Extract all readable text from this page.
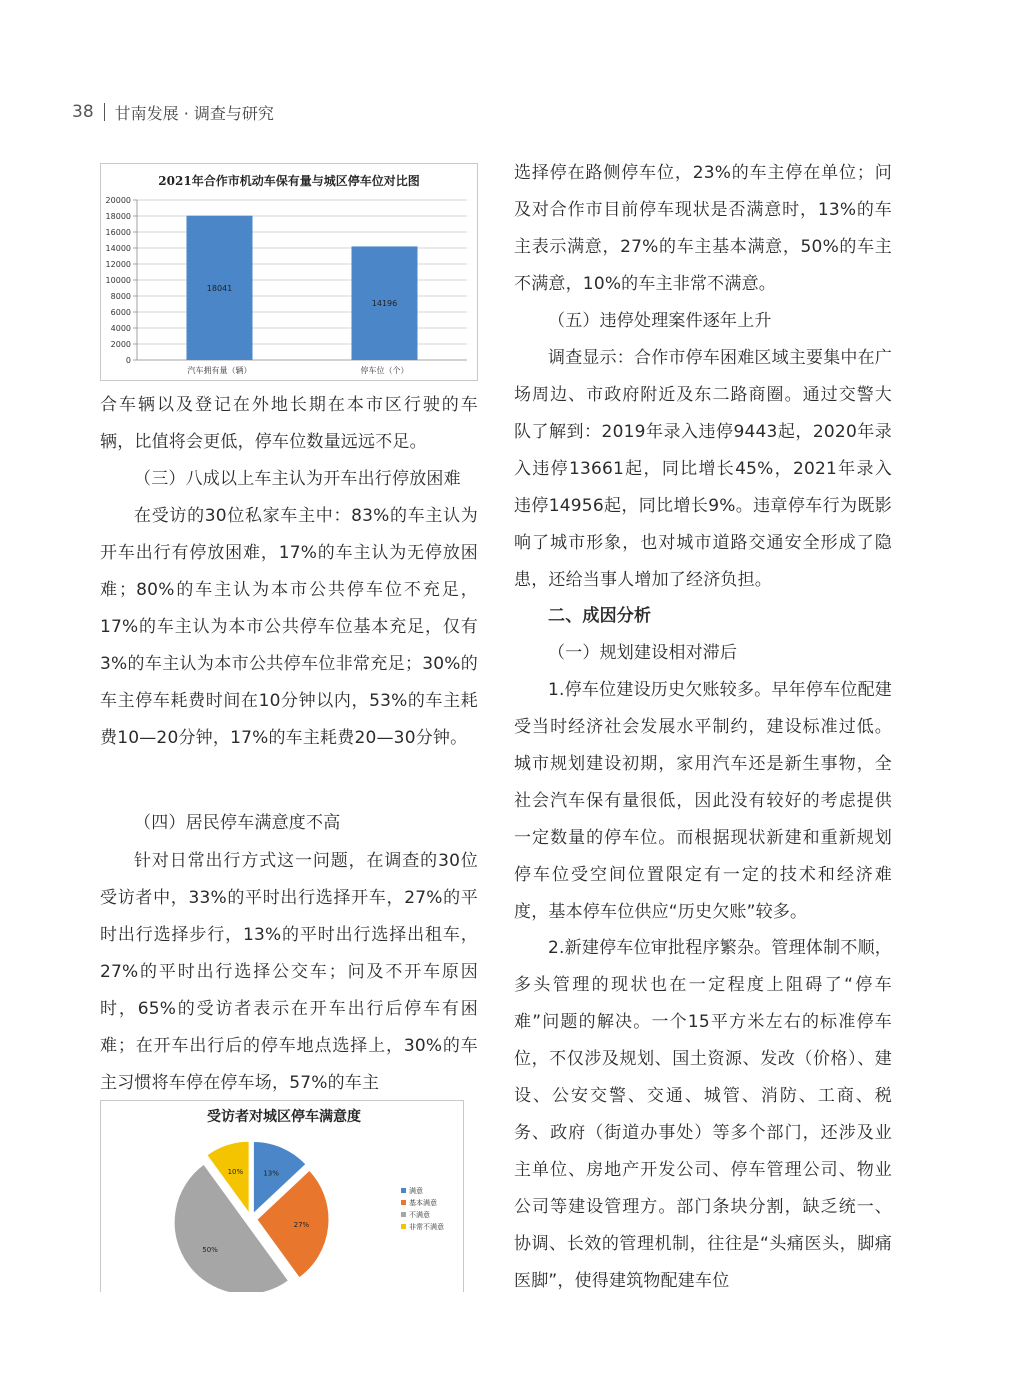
38 甘南发展 · 调查与研究
2021年合作市机动车保有量与城区停车位对比图
0
2000
4000
6000
8000
10000
12000
14000
16000
18000
20000
18041
14196
汽车拥有量（辆）	停车位（个）
合车辆以及登记在外地长期在本市区行驶的车辆，比值将会更低，停车位数量远远不足。
（三）八成以上车主认为开车出行停放困难
在受访的30位私家车主中：83%的车主认为开车出行有停放困难，17%的车主认为无停放困难；80%的车主认为本市公共停车位不充足，17%的车主认为本市公共停车位基本充足，仅有3%的车主认为本市公共停车位非常充足；30%的车主停车耗费时间在10分钟以内，53%的车主耗费10—20分钟，17%的车主耗费20—30分钟。
（四）居民停车满意度不高
针对日常出行方式这一问题，在调查的30位受访者中，33%的平时出行选择开车，27%的平时出行选择步行，13%的平时出行选择出租车，27%的平时出行选择公交车；问及不开车原因时，65%的受访者表示在开车出行后停车有困难；在开车出行后的停车地点选择上，30%的车主习惯将车停在停车场，57%的车主
受访者对城区停车满意度
13%
27%
50%
10%
满意
基本满意
不满意
非常不满意
选择停在路侧停车位，23%的车主停在单位；问及对合作市目前停车现状是否满意时，13%的车主表示满意，27%的车主基本满意，50%的车主不满意，10%的车主非常不满意。
（五）违停处理案件逐年上升
调查显示：合作市停车困难区域主要集中在广场周边、市政府附近及东二路商圈。通过交警大队了解到：2019年录入违停9443起，2020年录入违停13661起，同比增长45%，2021年录入违停14956起，同比增长9%。违章停车行为既影响了城市形象，也对城市道路交通安全形成了隐患，还给当事人增加了经济负担。
二、成因分析
（一）规划建设相对滞后
1.停车位建设历史欠账较多。早年停车位配建受当时经济社会发展水平制约，建设标准过低。城市规划建设初期，家用汽车还是新生事物，全社会汽车保有量很低，因此没有较好的考虑提供一定数量的停车位。而根据现状新建和重新规划停车位受空间位置限定有一定的技术和经济难度，基本停车位供应“历史欠账”较多。
2.新建停车位审批程序繁杂。管理体制不顺，多头管理的现状也在一定程度上阻碍了“停车难”问题的解决。一个15平方米左右的标准停车位，不仅涉及规划、国土资源、发改（价格）、建设、公安交警、交通、城管、消防、工商、税务、政府（街道办事处）等多个部门，还涉及业主单位、房地产开发公司、停车管理公司、物业公司等建设管理方。部门条块分割，缺乏统一、协调、长效的管理机制，往往是“头痛医头，脚痛医脚”，使得建筑物配建车位
